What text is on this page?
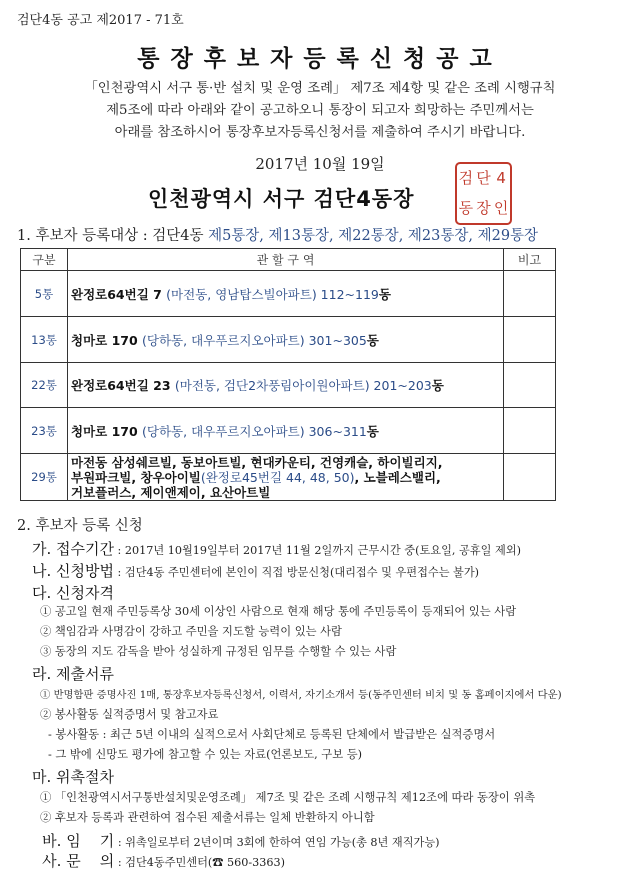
검단4동 공고 제2017 - 71호
통장후보자등록신청공고
「인천광역시 서구 통·반 설치 및 운영 조례」 제7조 제4항 및 같은 조례 시행규칙
제5조에 따라 아래와 같이 공고하오니 통장이 되고자 희망하는 주민께서는
아래를 참조하시어 통장후보자등록신청서를 제출하여 주시기 바랍니다.
2017년 10월 19일
인천광역시 서구 검단4동장
검 단 4
동 장 인
1. 후보자 등록대상 : 검단4동 제5통장, 제13통장, 제22통장, 제23통장, 제29통장
구분	관 할 구 역	비고
5통	완정로64번길 7 (마전동, 영남탑스빌아파트) 112~119동	
13통	청마로 170 (당하동, 대우푸르지오아파트) 301~305동	
22통	완정로64번길 23 (마전동, 검단2차풍림아이원아파트) 201~203동	
23통	청마로 170 (당하동, 대우푸르지오아파트) 306~311동	
29통	마전동 삼성쉐르빌, 동보아트빌, 현대카운티, 건영캐슬, 하이빌리지,
부원파크빌, 창우아이빌(완정로45번길 44, 48, 50), 노블레스밸리,
거보플러스, 제이앤제이, 요산아트빌	

2. 후보자 등록 신청
가. 접수기간 : 2017년 10월19일부터 2017년 11월 2일까지 근무시간 중(토요일, 공휴일 제외)
나. 신청방법 : 검단4동 주민센터에 본인이 직접 방문신청(대리접수 및 우편접수는 불가)
다. 신청자격
① 공고일 현재 주민등록상 30세 이상인 사람으로 현재 해당 통에 주민등록이 등재되어 있는 사람
② 책임감과 사명감이 강하고 주민을 지도할 능력이 있는 사람
③ 동장의 지도 감독을 받아 성실하게 규정된 임무를 수행할 수 있는 사람
라. 제출서류
① 반명함판 증명사진 1매, 통장후보자등록신청서, 이력서, 자기소개서 등(동주민센터 비치 및 동 홈페이지에서 다운)
② 봉사활동 실적증명서 및 참고자료
- 봉사활동 : 최근 5년 이내의 실적으로서 사회단체로 등록된 단체에서 발급받은 실적증명서
- 그 밖에 신망도 평가에 참고할 수 있는 자료(언론보도, 구보 등)
마. 위촉절차
① 「인천광역시서구통반설치및운영조례」 제7조 및 같은 조례 시행규칙 제12조에 따라 동장이 위촉
② 후보자 등록과 관련하여 접수된 제출서류는 일체 반환하지 아니함

바. 임    기 : 위촉일로부터 2년이며 3회에 한하여 연임 가능(총 8년 재직가능)

사. 문    의 : 검단4동주민센터(☎ 560-3363)
